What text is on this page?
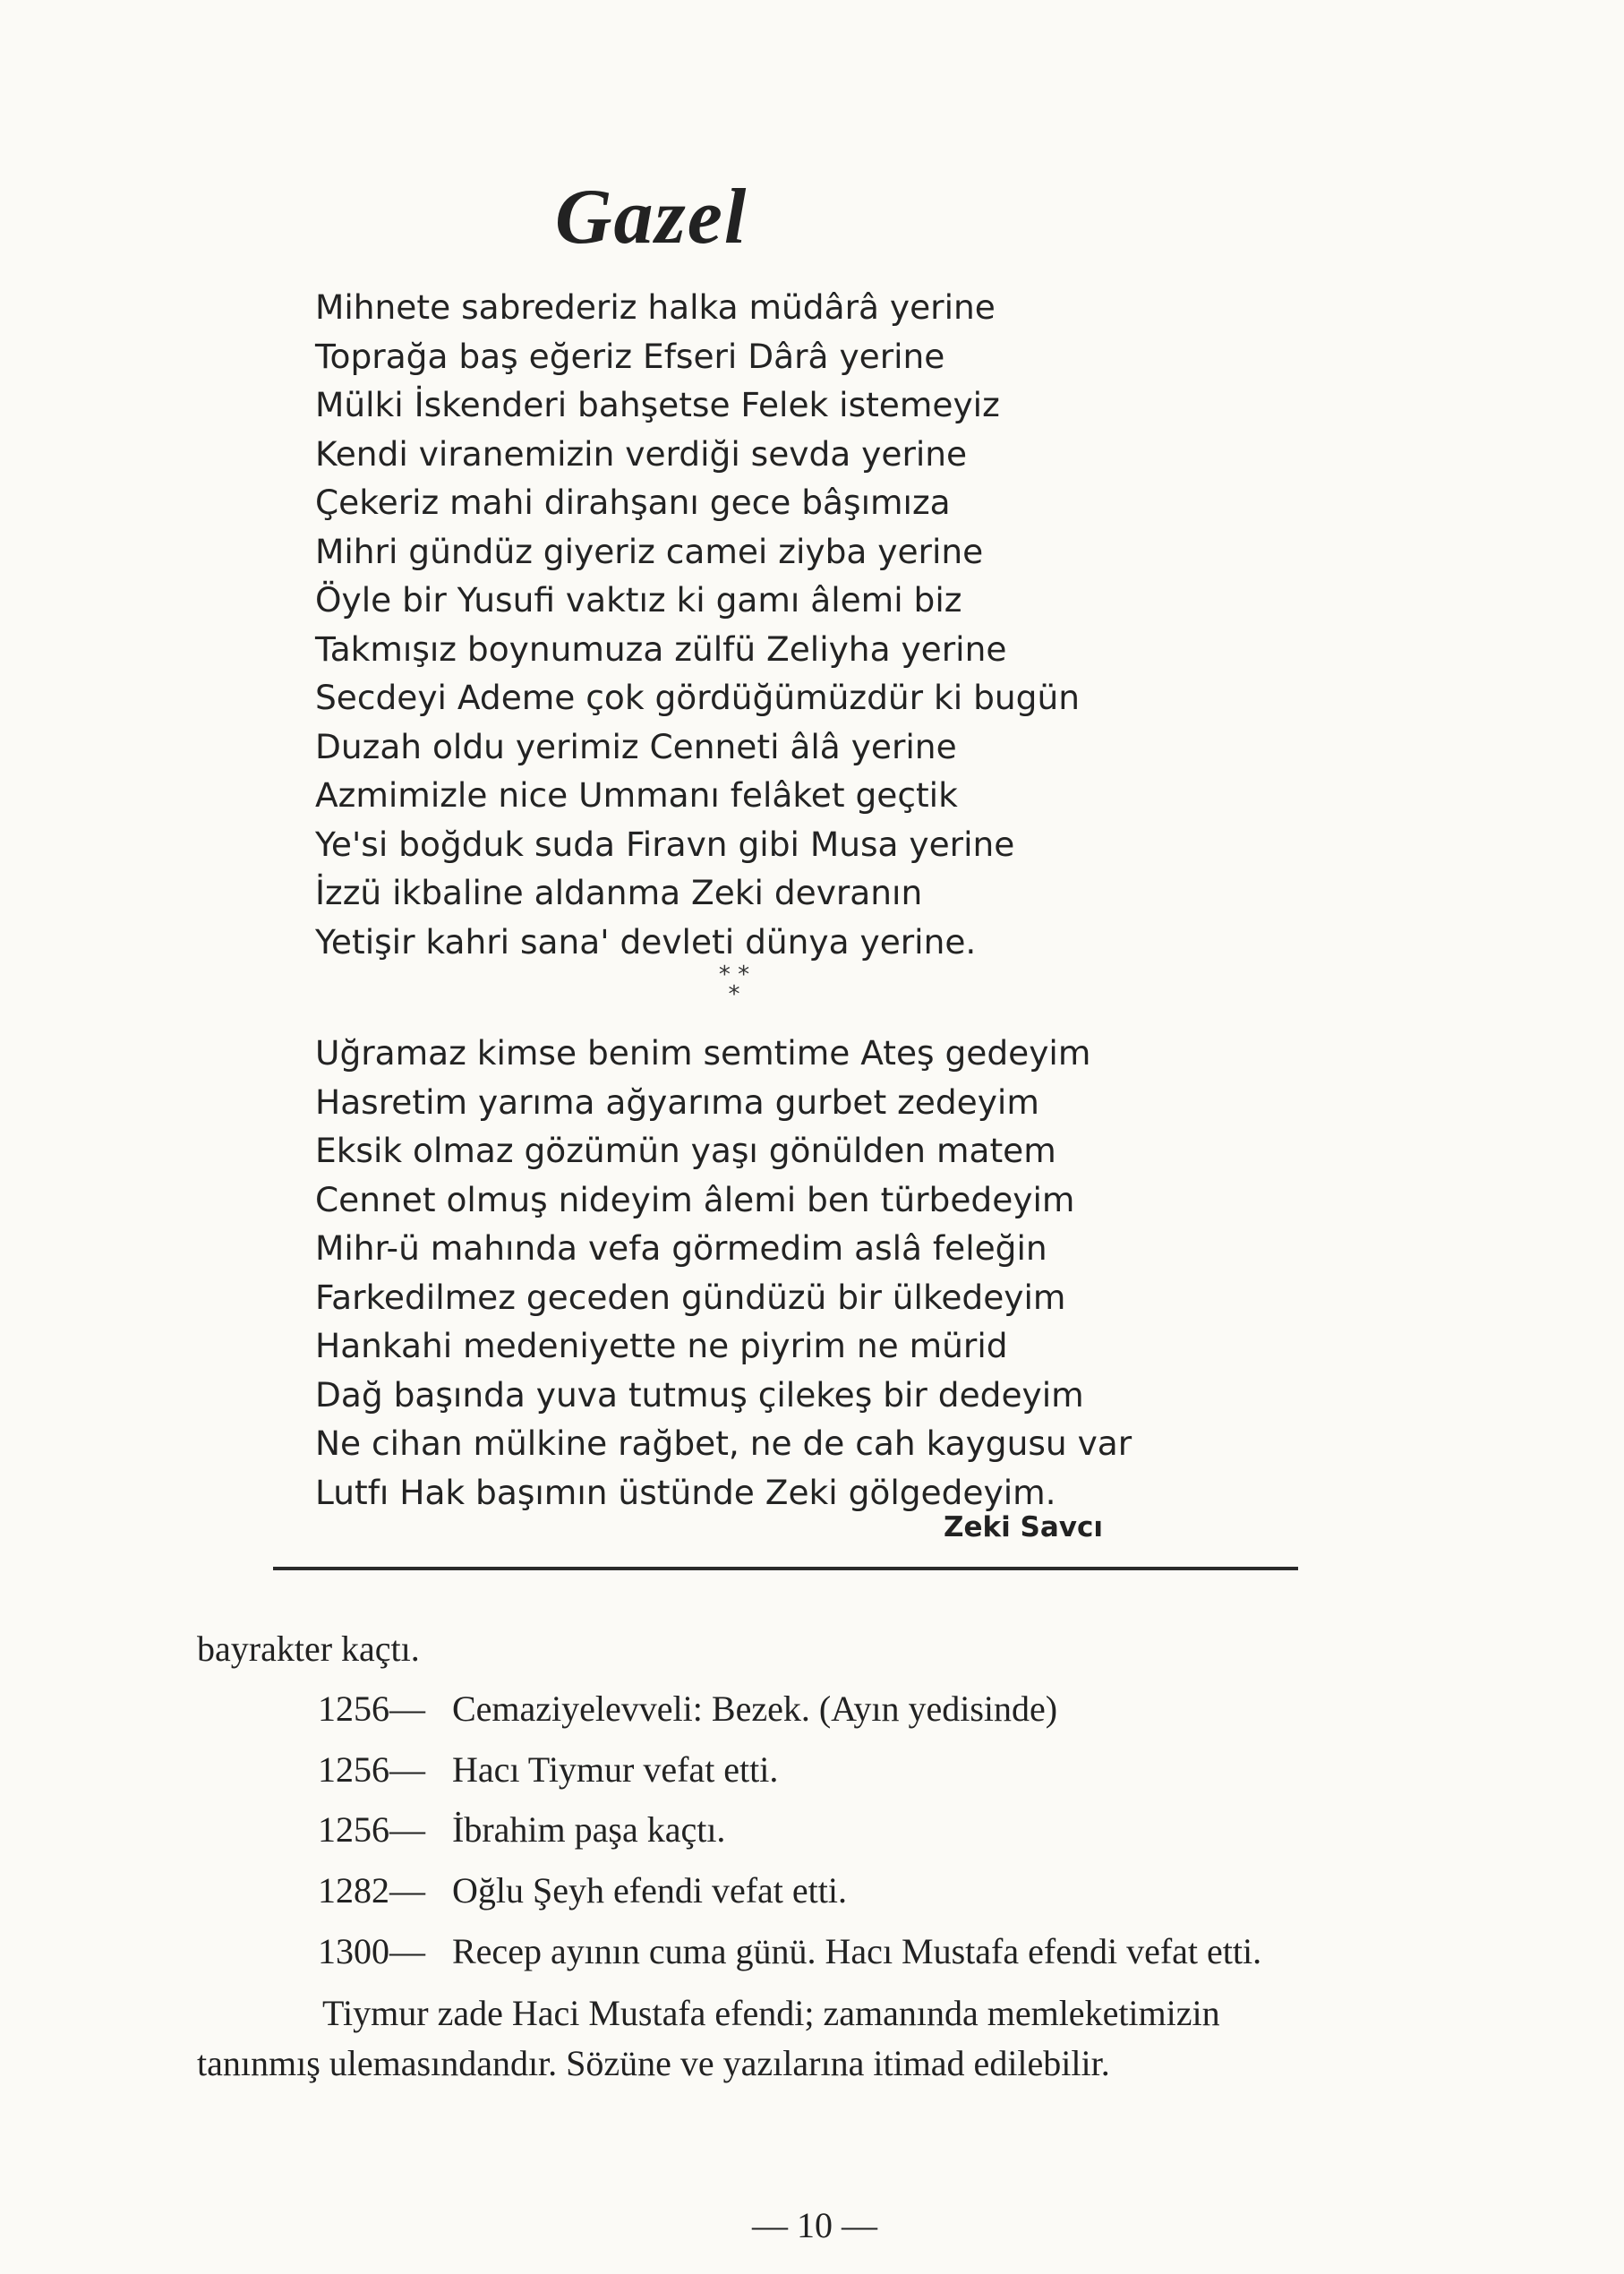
Gazel
Mihnete sabrederiz halka müdârâ yerine
Toprağa baş eğeriz Efseri Dârâ yerine
Mülki İskenderi bahşetse Felek istemeyiz
Kendi viranemizin verdiği sevda yerine
Çekeriz mahi dirahşanı gece bâşımıza
Mihri gündüz giyeriz camei ziyba yerine
Öyle bir Yusufi vaktız ki gamı âlemi biz
Takmışız boynumuza zülfü Zeliyha yerine
Secdeyi Ademe çok gördüğümüzdür ki bugün
Duzah oldu yerimiz Cenneti âlâ yerine
Azmimizle nice Ummanı felâket geçtik
Ye'si boğduk suda Firavn gibi Musa yerine
İzzü ikbaline aldanma Zeki devranın
Yetişir kahri sana' devleti dünya yerine.
* *
*
Uğramaz kimse benim semtime Ateş gedeyim
Hasretim yarıma ağyarıma gurbet zedeyim
Eksik olmaz gözümün yaşı gönülden matem
Cennet olmuş nideyim âlemi ben türbedeyim
Mihr-ü mahında vefa görmedim aslâ feleğin
Farkedilmez geceden gündüzü bir ülkedeyim
Hankahi medeniyette ne piyrim ne mürid
Dağ başında yuva tutmuş çilekeş bir dedeyim
Ne cihan mülkine rağbet, ne de cah kaygusu var
Lutfı Hak başımın üstünde Zeki gölgedeyim.
Zeki Savcı
bayrakter kaçtı.
1256— Cemaziyelevveli: Bezek. (Ayın yedisinde)
1256— Hacı Tiymur vefat etti.
1256— İbrahim paşa kaçtı.
1282— Oğlu Şeyh efendi vefat etti.
1300— Recep ayının cuma günü. Hacı Mustafa efendi vefat etti.
Tiymur zade Haci Mustafa efendi; zamanında memleketimizin
tanınmış ulemasındandır. Sözüne ve yazılarına itimad edilebilir.
— 10 —
